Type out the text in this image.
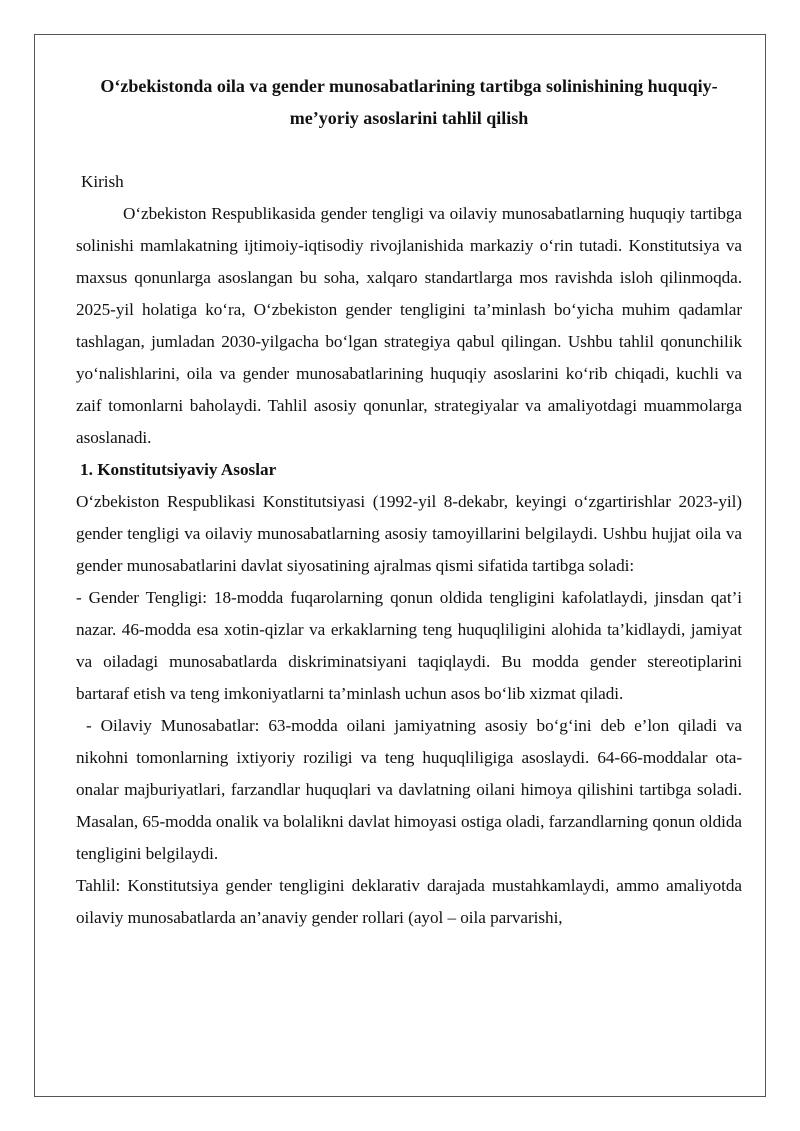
O‘zbekistonda oila va gender munosabatlarining tartibga solinishining huquqiy-me’yoriy asoslarini tahlil qilish

Kirish

O‘zbekiston Respublikasida gender tengligi va oilaviy munosabatlarning huquqiy tartibga solinishi mamlakatning ijtimoiy-iqtisodiy rivojlanishida markaziy o‘rin tutadi. Konstitutsiya va maxsus qonunlarga asoslangan bu soha, xalqaro standartlarga mos ravishda isloh qilinmoqda. 2025-yil holatiga ko‘ra, O‘zbekiston gender tengligini ta’minlash bo‘yicha muhim qadamlar tashlagan, jumladan 2030-yilgacha bo‘lgan strategiya qabul qilingan. Ushbu tahlil qonunchilik yo‘nalishlarini, oila va gender munosabatlarining huquqiy asoslarini ko‘rib chiqadi, kuchli va zaif tomonlarni baholaydi. Tahlil asosiy qonunlar, strategiyalar va amaliyotdagi muammolarga asoslanadi.

1. Konstitutsiyaviy Asoslar

O‘zbekiston Respublikasi Konstitutsiyasi (1992-yil 8-dekabr, keyingi o‘zgartirishlar 2023-yil) gender tengligi va oilaviy munosabatlarning asosiy tamoyillarini belgilaydi. Ushbu hujjat oila va gender munosabatlarini davlat siyosatining ajralmas qismi sifatida tartibga soladi:

- Gender Tengligi: 18-modda fuqarolarning qonun oldida tengligini kafolatlaydi, jinsdan qat’i nazar. 46-modda esa xotin-qizlar va erkaklarning teng huquqliligini alohida ta’kidlaydi, jamiyat va oiladagi munosabatlarda diskriminatsiyani taqiqlaydi. Bu modda gender stereotiplarini bartaraf etish va teng imkoniyatlarni ta’minlash uchun asos bo‘lib xizmat qiladi.

- Oilaviy Munosabatlar: 63-modda oilani jamiyatning asosiy bo‘g‘ini deb e’lon qiladi va nikohni tomonlarning ixtiyoriy roziligi va teng huquqliligiga asoslaydi. 64-66-moddalar ota-onalar majburiyatlari, farzandlar huquqlari va davlatning oilani himoya qilishini tartibga soladi. Masalan, 65-modda onalik va bolalikni davlat himoyasi ostiga oladi, farzandlarning qonun oldida tengligini belgilaydi.

Tahlil: Konstitutsiya gender tengligini deklarativ darajada mustahkamlaydi, ammo amaliyotda oilaviy munosabatlarda an’anaviy gender rollari (ayol – oila parvarishi,
